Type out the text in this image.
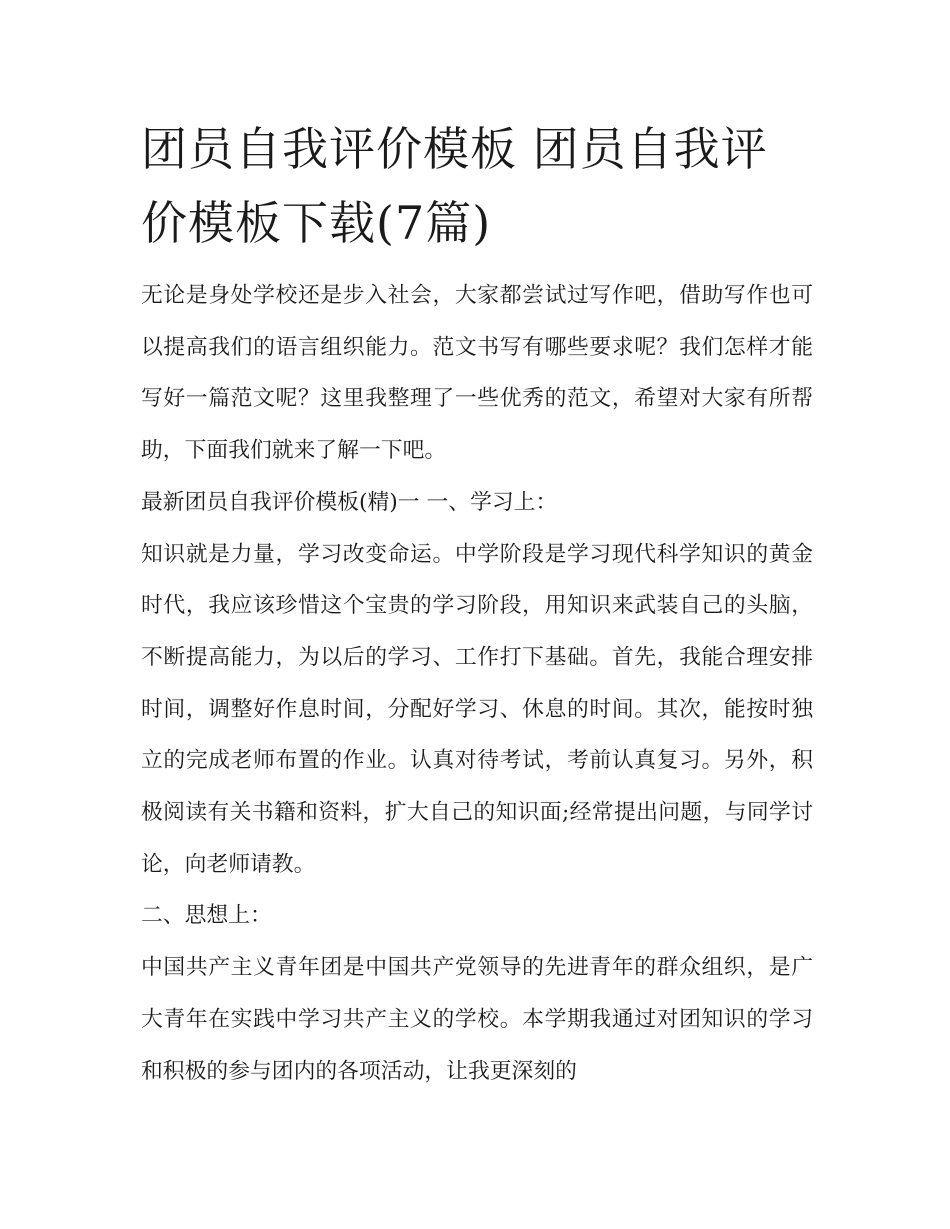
团员自我评价模板 团员自我评价模板下载(7篇)

无论是身处学校还是步入社会，大家都尝试过写作吧，借助写作也可以提高我们的语言组织能力。范文书写有哪些要求呢？我们怎样才能写好一篇范文呢？这里我整理了一些优秀的范文，希望对大家有所帮助，下面我们就来了解一下吧。

最新团员自我评价模板(精)一 一、学习上：

知识就是力量，学习改变命运。中学阶段是学习现代科学知识的黄金时代，我应该珍惜这个宝贵的学习阶段，用知识来武装自己的头脑，不断提高能力，为以后的学习、工作打下基础。首先，我能合理安排时间，调整好作息时间，分配好学习、休息的时间。其次，能按时独立的完成老师布置的作业。认真对待考试，考前认真复习。另外，积极阅读有关书籍和资料，扩大自己的知识面;经常提出问题，与同学讨论，向老师请教。

二、思想上：

中国共产主义青年团是中国共产党领导的先进青年的群众组织，是广大青年在实践中学习共产主义的学校。本学期我通过对团知识的学习和积极的参与团内的各项活动，让我更深刻的
